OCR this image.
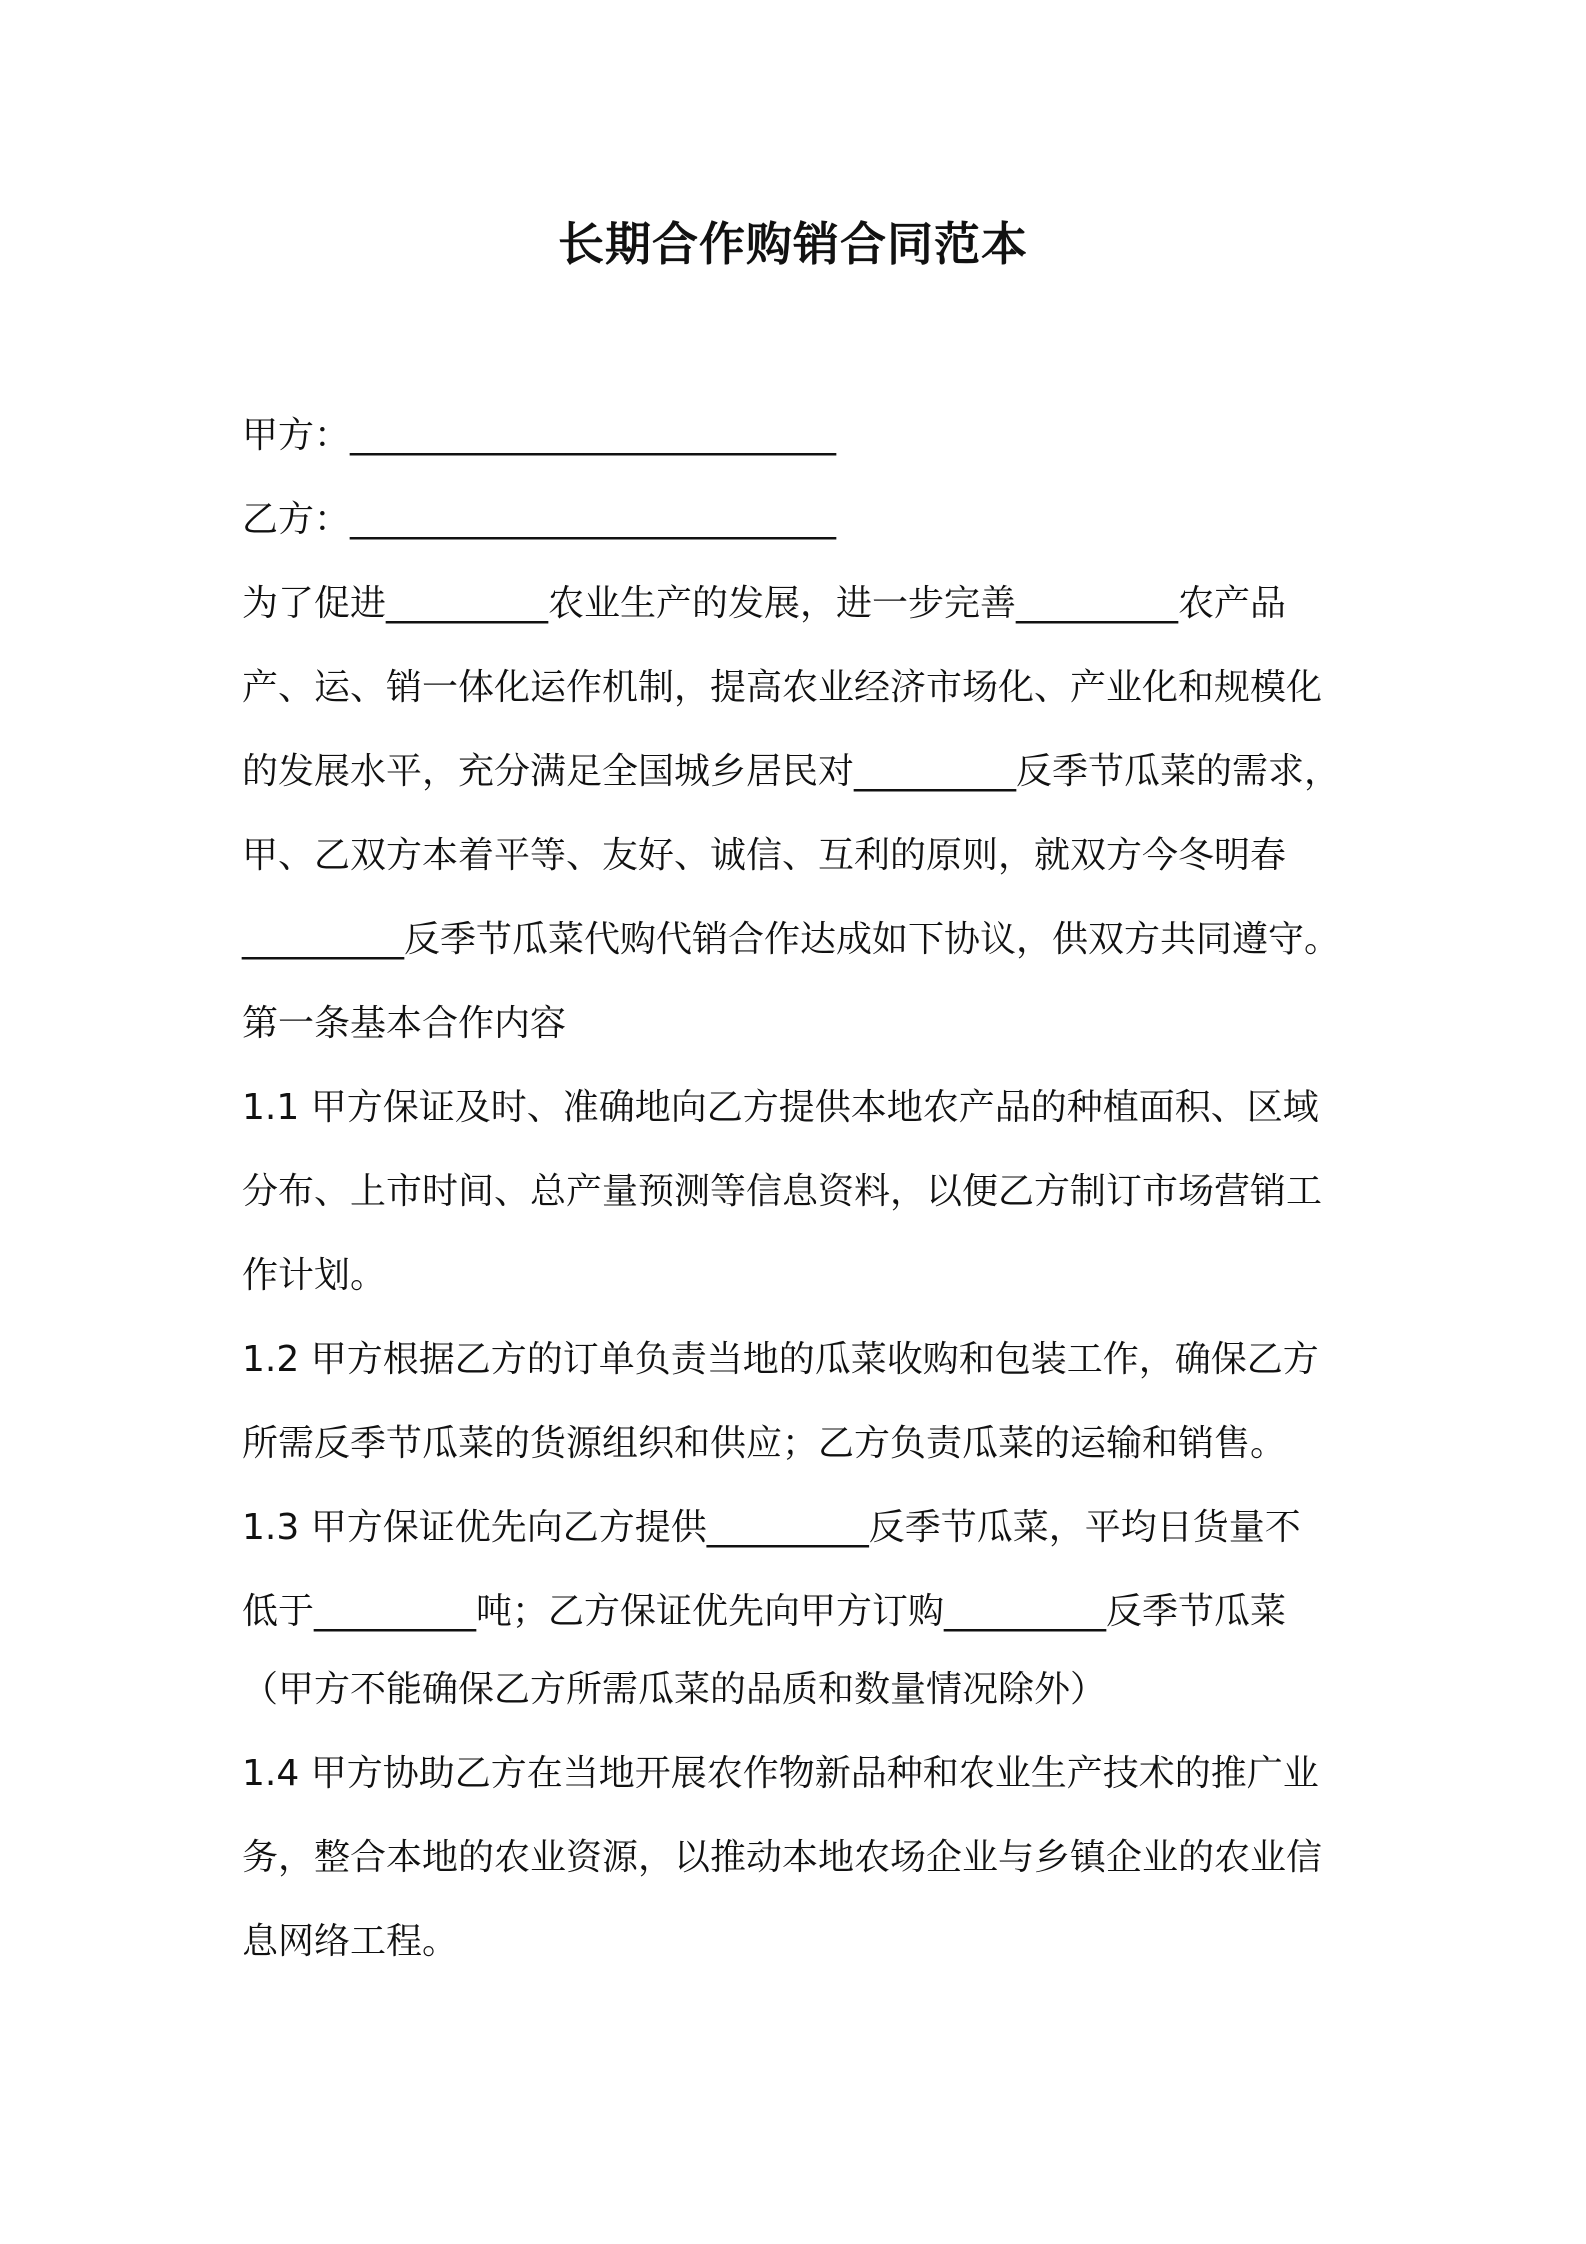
长期合作购销合同范本
甲方：___________________________
乙方：___________________________
为了促进_________农业生产的发展，进一步完善_________农产品
产、运、销一体化运作机制，提高农业经济市场化、产业化和规模化
的发展水平，充分满足全国城乡居民对_________反季节瓜菜的需求，
甲、乙双方本着平等、友好、诚信、互利的原则，就双方今冬明春
_________反季节瓜菜代购代销合作达成如下协议，供双方共同遵守。
第一条基本合作内容
1.1 甲方保证及时、准确地向乙方提供本地农产品的种植面积、区域
分布、上市时间、总产量预测等信息资料，以便乙方制订市场营销工
作计划。
1.2 甲方根据乙方的订单负责当地的瓜菜收购和包装工作，确保乙方
所需反季节瓜菜的货源组织和供应；乙方负责瓜菜的运输和销售。
1.3 甲方保证优先向乙方提供_________反季节瓜菜，平均日货量不
低于_________吨；乙方保证优先向甲方订购_________反季节瓜菜
（甲方不能确保乙方所需瓜菜的品质和数量情况除外）
1.4 甲方协助乙方在当地开展农作物新品种和农业生产技术的推广业
务，整合本地的农业资源，以推动本地农场企业与乡镇企业的农业信
息网络工程。
